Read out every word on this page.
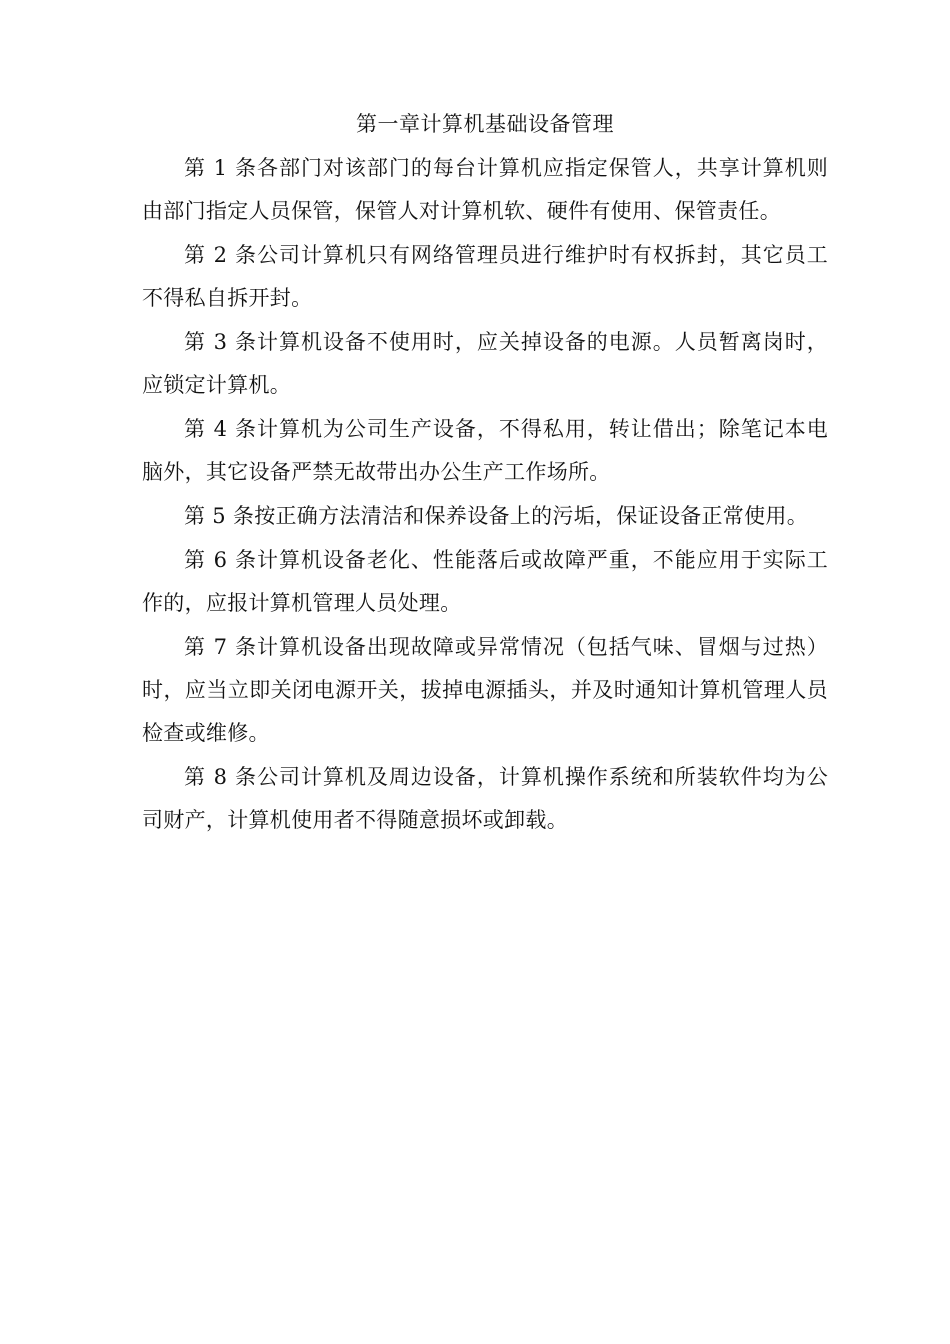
第一章计算机基础设备管理

第 1 条各部门对该部门的每台计算机应指定保管人，共享计算机则由部门指定人员保管，保管人对计算机软、硬件有使用、保管责任。

第 2 条公司计算机只有网络管理员进行维护时有权拆封，其它员工不得私自拆开封。

第 3 条计算机设备不使用时，应关掉设备的电源。人员暂离岗时，应锁定计算机。

第 4 条计算机为公司生产设备，不得私用，转让借出；除笔记本电脑外，其它设备严禁无故带出办公生产工作场所。

第 5 条按正确方法清洁和保养设备上的污垢，保证设备正常使用。

第 6 条计算机设备老化、性能落后或故障严重，不能应用于实际工作的，应报计算机管理人员处理。

第 7 条计算机设备出现故障或异常情况（包括气味、冒烟与过热）时，应当立即关闭电源开关，拔掉电源插头，并及时通知计算机管理人员检查或维修。

第 8 条公司计算机及周边设备，计算机操作系统和所装软件均为公司财产，计算机使用者不得随意损坏或卸载。
